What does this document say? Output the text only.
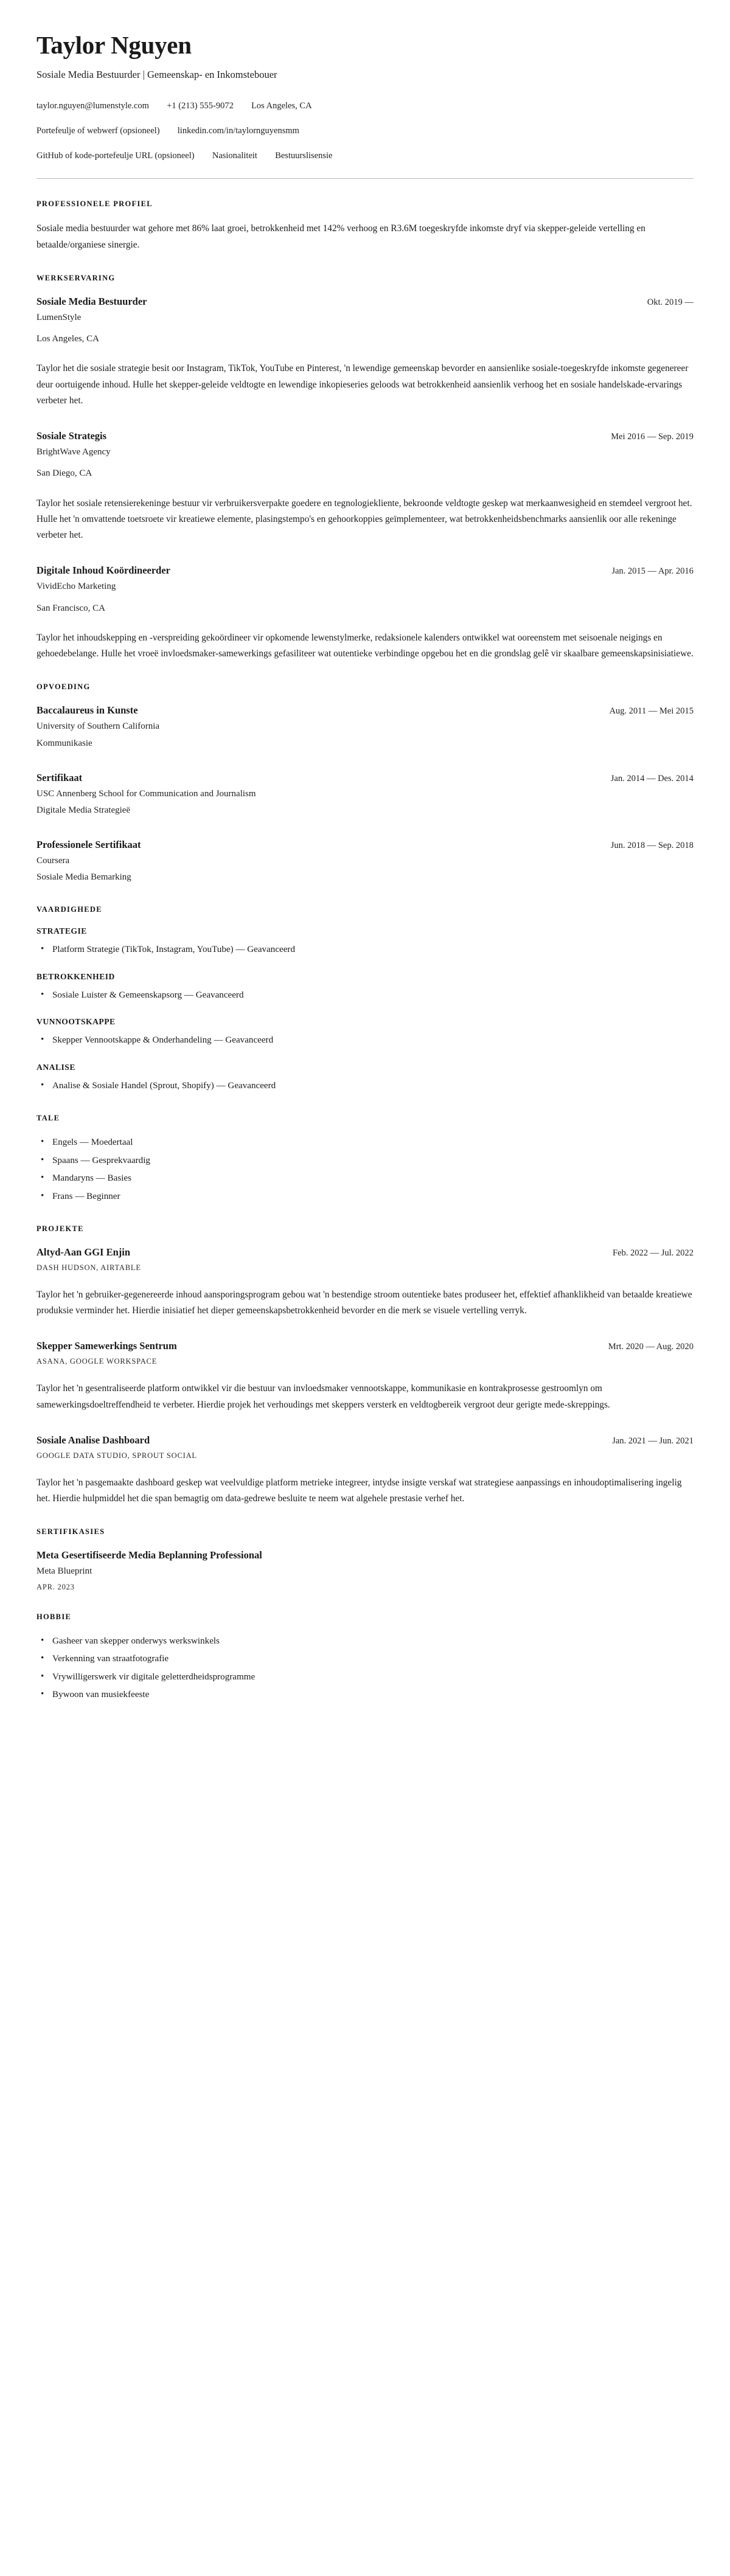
Taylor Nguyen
Sosiale Media Bestuurder | Gemeenskap- en Inkomstebouer
taylor.nguyen@lumenstyle.com +1 (213) 555-9072 Los Angeles, CA
Portefeulje of webwerf (opsioneel) linkedin.com/in/taylornguyensmm
GitHub of kode-portefeulje URL (opsioneel) Nasionaliteit Bestuurslisensie
PROFESSIONELE PROFIEL

Sosiale media bestuurder wat gehore met 86% laat groei, betrokkenheid met 142% verhoog en R3.6M toegeskryfde inkomste dryf via skepper-geleide vertelling en betaalde/organiese sinergie.

WERKSERVARING
Sosiale Media Bestuurder	Okt. 2019 —
LumenStyle
Los Angeles, CA

Taylor het die sosiale strategie besit oor Instagram, TikTok, YouTube en Pinterest, 'n lewendige gemeenskap bevorder en aansienlike sosiale-toegeskryfde inkomste gegenereer deur oortuigende inhoud. Hulle het skepper-geleide veldtogte en lewendige inkopieseries geloods wat betrokkenheid aansienlik verhoog het en sosiale handelskade-ervarings verbeter het.

Sosiale Strategis	Mei 2016 — Sep. 2019
BrightWave Agency
San Diego, CA

Taylor het sosiale retensierekeninge bestuur vir verbruikersverpakte goedere en tegnologiekliente, bekroonde veldtogte geskep wat merkaanwesigheid en stemdeel vergroot het. Hulle het 'n omvattende toetsroete vir kreatiewe elemente, plasingstempo's en gehoorkoppies geïmplementeer, wat betrokkenheidsbenchmarks aansienlik oor alle rekeninge verbeter het.

Digitale Inhoud Koördineerder	Jan. 2015 — Apr. 2016
VividEcho Marketing
San Francisco, CA

Taylor het inhoudskepping en -verspreiding gekoördineer vir opkomende lewenstylmerke, redaksionele kalenders ontwikkel wat ooreenstem met seisoenale neigings en gehoedebelange. Hulle het vroeë invloedsmaker-samewerkings gefasiliteer wat outentieke verbindinge opgebou het en die grondslag gelê vir skaalbare gemeenskapsinisiatiewe.

OPVOEDING
Baccalaureus in Kunste	Aug. 2011 — Mei 2015
University of Southern California
Kommunikasie
Sertifikaat	Jan. 2014 — Des. 2014
USC Annenberg School for Communication and Journalism
Digitale Media Strategieë
Professionele Sertifikaat	Jun. 2018 — Sep. 2018
Coursera
Sosiale Media Bemarking
VAARDIGHEDE
STRATEGIE
• Platform Strategie (TikTok, Instagram, YouTube) — Geavanceerd
BETROKKENHEID
• Sosiale Luister & Gemeenskapsorg — Geavanceerd
VUNNOOTSKAPPE
• Skepper Vennootskappe & Onderhandeling — Geavanceerd
ANALISE
• Analise & Sosiale Handel (Sprout, Shopify) — Geavanceerd
TALE
• Engels — Moedertaal
• Spaans — Gesprekvaardig
• Mandaryns — Basies
• Frans — Beginner
PROJEKTE
Altyd-Aan GGI Enjin	Feb. 2022 — Jul. 2022
DASH HUDSON, AIRTABLE

Taylor het 'n gebruiker-gegenereerde inhoud aansporingsprogram gebou wat 'n bestendige stroom outentieke bates produseer het, effektief afhanklikheid van betaalde kreatiewe produksie verminder het. Hierdie inisiatief het dieper gemeenskapsbetrokkenheid bevorder en die merk se visuele vertelling verryk.

Skepper Samewerkings Sentrum	Mrt. 2020 — Aug. 2020
ASANA, GOOGLE WORKSPACE

Taylor het 'n gesentraliseerde platform ontwikkel vir die bestuur van invloedsmaker vennootskappe, kommunikasie en kontrakprosesse gestroomlyn om samewerkingsdoeltreffendheid te verbeter. Hierdie projek het verhoudings met skeppers versterk en veldtogbereik vergroot deur gerigte mede-skreppings.

Sosiale Analise Dashboard	Jan. 2021 — Jun. 2021
GOOGLE DATA STUDIO, SPROUT SOCIAL

Taylor het 'n pasgemaakte dashboard geskep wat veelvuldige platform metrieke integreer, intydse insigte verskaf wat strategiese aanpassings en inhoudoptimalisering ingelig het. Hierdie hulpmiddel het die span bemagtig om data-gedrewe besluite te neem wat algehele prestasie verhef het.

SERTIFIKASIES
Meta Gesertifiseerde Media Beplanning Professional
Meta Blueprint
APR. 2023
HOBBIE
• Gasheer van skepper onderwys werkswinkels
• Verkenning van straatfotografie
• Vrywilligerswerk vir digitale geletterdheidsprogramme
• Bywoon van musiekfeeste
